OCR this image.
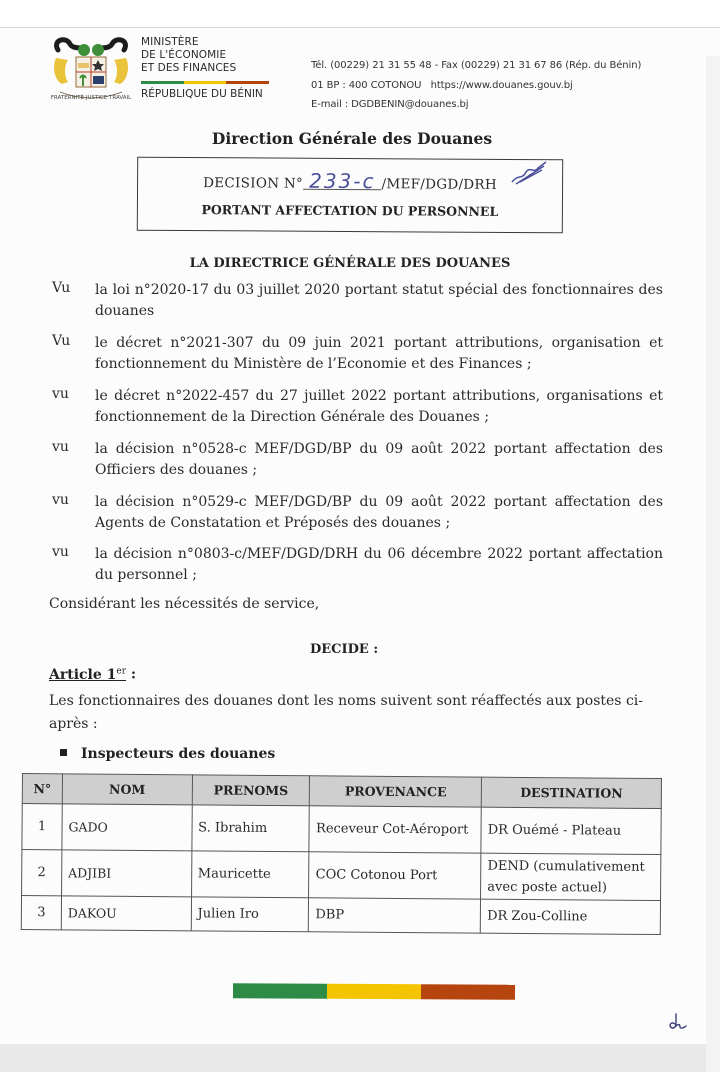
FRATERNITÉ JUSTICE TRAVAIL
MINISTÈRE
DE L'ÉCONOMIE
ET DES FINANCES
RÉPUBLIQUE DU BÉNIN
Tél. (00229) 21 31 55 48 - Fax (00229) 21 31 67 86 (Rép. du Bénin)
01 BP : 400 COTONOU   https://www.douanes.gouv.bj
E-mail : DGDBENIN@douanes.bj
Direction Générale des Douanes
DECISION N° 233-c /MEF/DGD/DRH
PORTANT AFFECTATION DU PERSONNEL
LA DIRECTRICE GÉNÉRALE DES DOUANES
Vu la loi n°2020-17 du 03 juillet 2020 portant statut spécial des fonctionnaires des douanes
Vu le décret n°2021-307 du 09 juin 2021 portant attributions, organisation et fonctionnement du Ministère de l’Economie et des Finances ;
vu le décret n°2022-457 du 27 juillet 2022 portant attributions, organisations et fonctionnement de la Direction Générale des Douanes ;
vu la décision n°0528-c MEF/DGD/BP du 09 août 2022 portant affectation des Officiers des douanes ;
vu la décision n°0529-c MEF/DGD/BP du 09 août 2022 portant affectation des Agents de Constatation et Préposés des douanes ;
vu la décision n°0803-c/MEF/DGD/DRH du 06 décembre 2022 portant affectation du personnel ;
Considérant les nécessités de service,
DECIDE :
Article 1er :
Les fonctionnaires des douanes dont les noms suivent sont réaffectés aux postes ci-après :
Inspecteurs des douanes
N°	NOM	PRENOMS	PROVENANCE	DESTINATION
1	GADO	S. Ibrahim	Receveur Cot-Aéroport	DR Ouémé - Plateau
2	ADJIBI	Mauricette	COC Cotonou Port	DEND (cumulativement avec poste actuel)
3	DAKOU	Julien Iro	DBP	DR Zou-Colline
